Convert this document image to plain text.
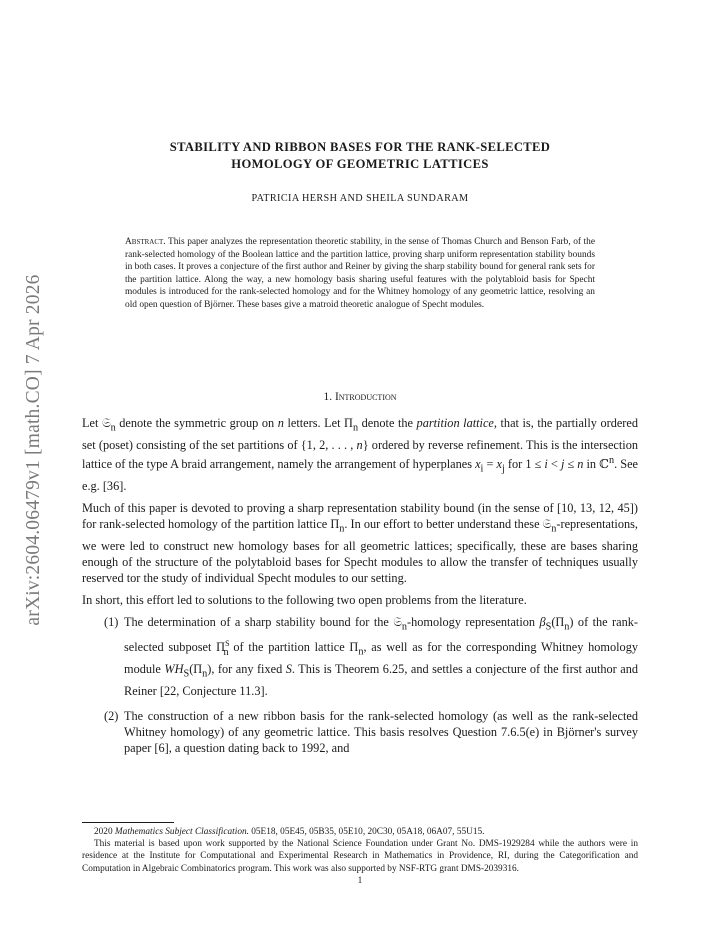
arXiv:2604.06479v1 [math.CO] 7 Apr 2026
STABILITY AND RIBBON BASES FOR THE RANK-SELECTED
HOMOLOGY OF GEOMETRIC LATTICES
PATRICIA HERSH AND SHEILA SUNDARAM
Abstract. This paper analyzes the representation theoretic stability, in the sense of Thomas Church and Benson Farb, of the rank-selected homology of the Boolean lattice and the partition lattice, proving sharp uniform representation stability bounds in both cases. It proves a conjecture of the first author and Reiner by giving the sharp stability bound for general rank sets for the partition lattice. Along the way, a new homology basis sharing useful features with the polytabloid basis for Specht modules is introduced for the rank-selected homology and for the Whitney homology of any geometric lattice, resolving an old open question of Björner. These bases give a matroid theoretic analogue of Specht modules.
1. Introduction

Let 𝔖$_n$ denote the symmetric group on n letters. Let $\Pi_n$ denote the partition lattice, that is, the partially ordered set (poset) consisting of the set partitions of {1, 2, . . . , n} ordered by reverse refinement. This is the intersection lattice of the type A braid arrangement, namely the arrangement of hyperplanes $x_i = x_j$ for 1 ≤ i < j ≤ n in ℂ$^n$. See e.g. [36].

Much of this paper is devoted to proving a sharp representation stability bound (in the sense of [10, 13, 12, 45]) for rank-selected homology of the partition lattice $\Pi_n$. In our effort to better understand these 𝔖$_n$-representations, we were led to construct new homology bases for all geometric lattices; specifically, these are bases sharing enough of the structure of the polytabloid bases for Specht modules to allow the transfer of techniques usually reserved tor the study of individual Specht modules to our setting.

In short, this effort led to solutions to the following two open problems from the literature.

(1) The determination of a sharp stability bound for the 𝔖$_n$-homology representation $\beta_S(\Pi_n)$ of the rank-selected subposet $\Pi^S_n$ of the partition lattice $\Pi_n$, as well as for the corresponding Whitney homology module $WH_S(\Pi_n)$, for any fixed S. This is Theorem 6.25, and settles a conjecture of the first author and Reiner [22, Conjecture 11.3].
(2) The construction of a new ribbon basis for the rank-selected homology (as well as the rank-selected Whitney homology) of any geometric lattice. This basis resolves Question 7.6.5(e) in Björner's survey paper [6], a question dating back to 1992, and

2020 Mathematics Subject Classification. 05E18, 05E45, 05B35, 05E10, 20C30, 05A18, 06A07, 55U15.

This material is based upon work supported by the National Science Foundation under Grant No. DMS-1929284 while the authors were in residence at the Institute for Computational and Experimental Research in Mathematics in Providence, RI, during the Categorification and Computation in Algebraic Combinatorics program. This work was also supported by NSF-RTG grant DMS-2039316.

1
